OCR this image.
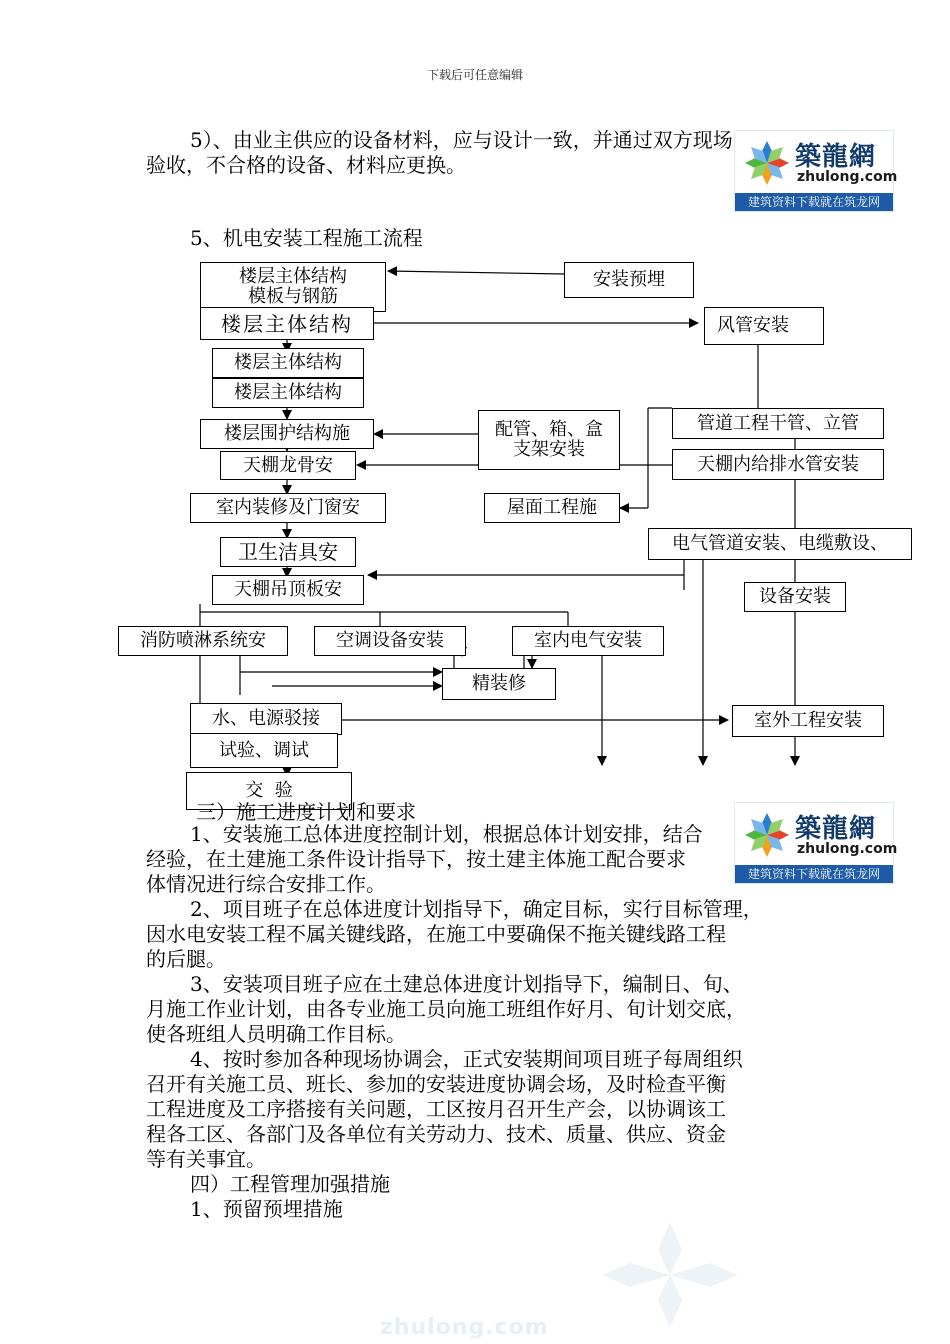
下载后可任意编辑
5）、由业主供应的设备材料，应与设计一致，并通过双方现场
验收，不合格的设备、材料应更换。	築龍網
zhulong.com
建筑资料下载就在筑龙网
5、机电安装工程施工流程
楼层主体结构
模板与钢筋
安装预埋
楼层主体结构	风管安装
楼层主体结构
楼层主体结构
配管、箱、盒
支架安装
管道工程干管、立管
楼层围护结构施
天棚龙骨安	天棚内给排水管安装
室内装修及门窗安	屋面工程施
电气管道安装、电缆敷设、
卫生洁具安
天棚吊顶板安	设备安装
消防喷淋系统安	空调设备安装	室内电气安装
精装修
水、电源驳接	室外工程安装
试验、调试
交  验
三）施工进度计划和要求
築龍網
zhulong.com
建筑资料下载就在筑龙网
1、安装施工总体进度控制计划，根据总体计划安排，结合
经验，在土建施工条件设计指导下，按土建主体施工配合要求
体情况进行综合安排工作。
2、项目班子在总体进度计划指导下，确定目标，实行目标管理，
因水电安装工程不属关键线路，在施工中要确保不拖关键线路工程
的后腿。
3、安装项目班子应在土建总体进度计划指导下，编制日、旬、
月施工作业计划，由各专业施工员向施工班组作好月、旬计划交底，
使各班组人员明确工作目标。
4、按时参加各种现场协调会，正式安装期间项目班子每周组织
召开有关施工员、班长、参加的安装进度协调会场，及时检查平衡
工程进度及工序搭接有关问题，工区按月召开生产会，以协调该工
程各工区、各部门及各单位有关劳动力、技术、质量、供应、资金
等有关事宜。
四）工程管理加强措施
1、预留预埋措施
zhulong.com
